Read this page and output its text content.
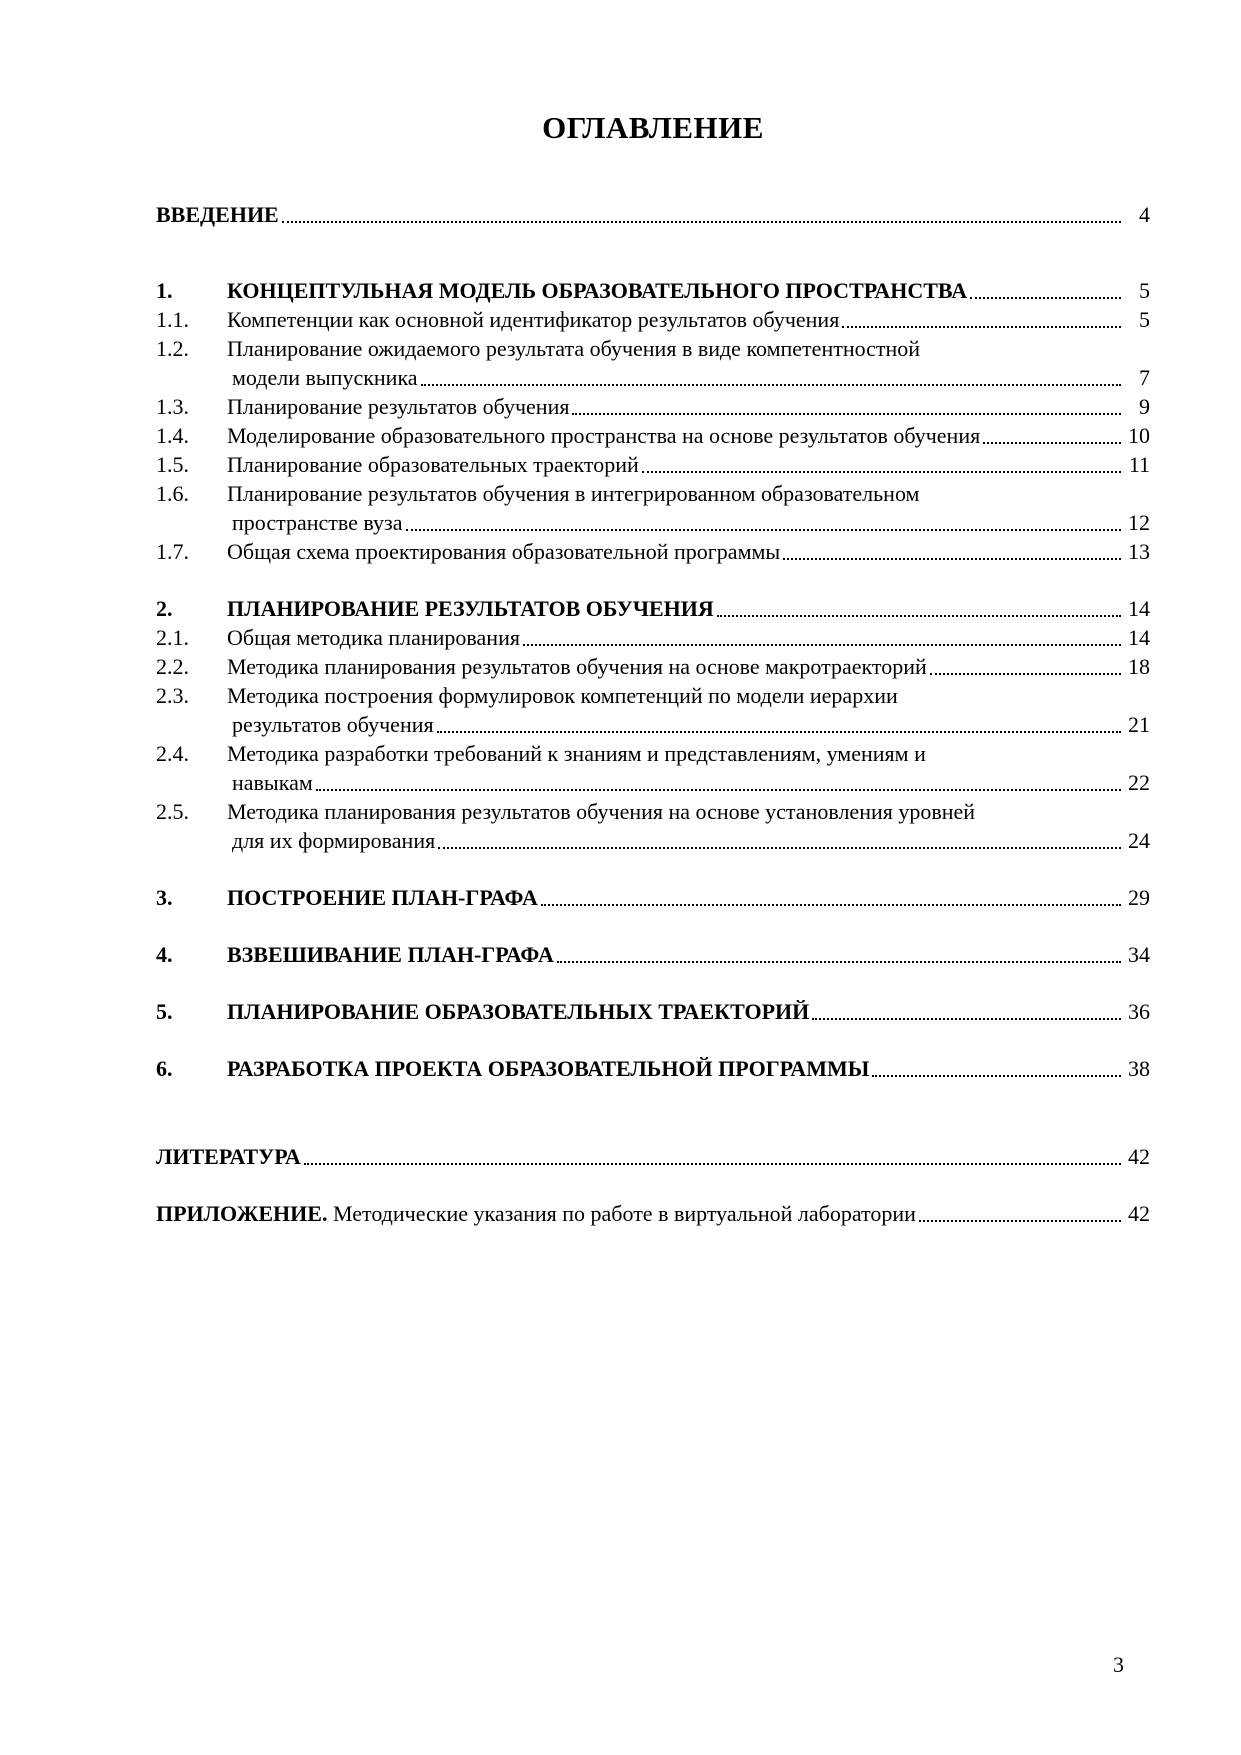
ОГЛАВЛЕНИЕ
ВВЕДЕНИЕ	4
1.	КОНЦЕПТУЛЬНАЯ МОДЕЛЬ ОБРАЗОВАТЕЛЬНОГО ПРОСТРАНСТВА	5
1.1.	Компетенции как основной идентификатор результатов обучения	5
1.2.	Планирование ожидаемого результата обучения в виде компетентностной
модели выпускника	7
1.3.	Планирование результатов обучения	9
1.4.	Моделирование образовательного пространства на основе результатов обучения	10
1.5.	Планирование образовательных траекторий	11
1.6.	Планирование результатов обучения в интегрированном образовательном
пространстве вуза	12
1.7.	Общая схема проектирования образовательной программы	13
2.	ПЛАНИРОВАНИЕ РЕЗУЛЬТАТОВ ОБУЧЕНИЯ	14
2.1.	Общая методика планирования	14
2.2.	Методика планирования результатов обучения на основе макротраекторий	18
2.3.	Методика построения формулировок компетенций по модели иерархии
результатов обучения	21
2.4.	Методика разработки требований к знаниям и представлениям, умениям и
навыкам	22
2.5.	Методика планирования результатов обучения на основе установления уровней
для их формирования	24
3.	ПОСТРОЕНИЕ ПЛАН-ГРАФА	29
4.	ВЗВЕШИВАНИЕ ПЛАН-ГРАФА	34
5.	ПЛАНИРОВАНИЕ ОБРАЗОВАТЕЛЬНЫХ ТРАЕКТОРИЙ	36
6.	РАЗРАБОТКА ПРОЕКТА ОБРАЗОВАТЕЛЬНОЙ ПРОГРАММЫ	38
ЛИТЕРАТУРА	42
ПРИЛОЖЕНИЕ. Методические указания по работе в виртуальной лаборатории	42
3
